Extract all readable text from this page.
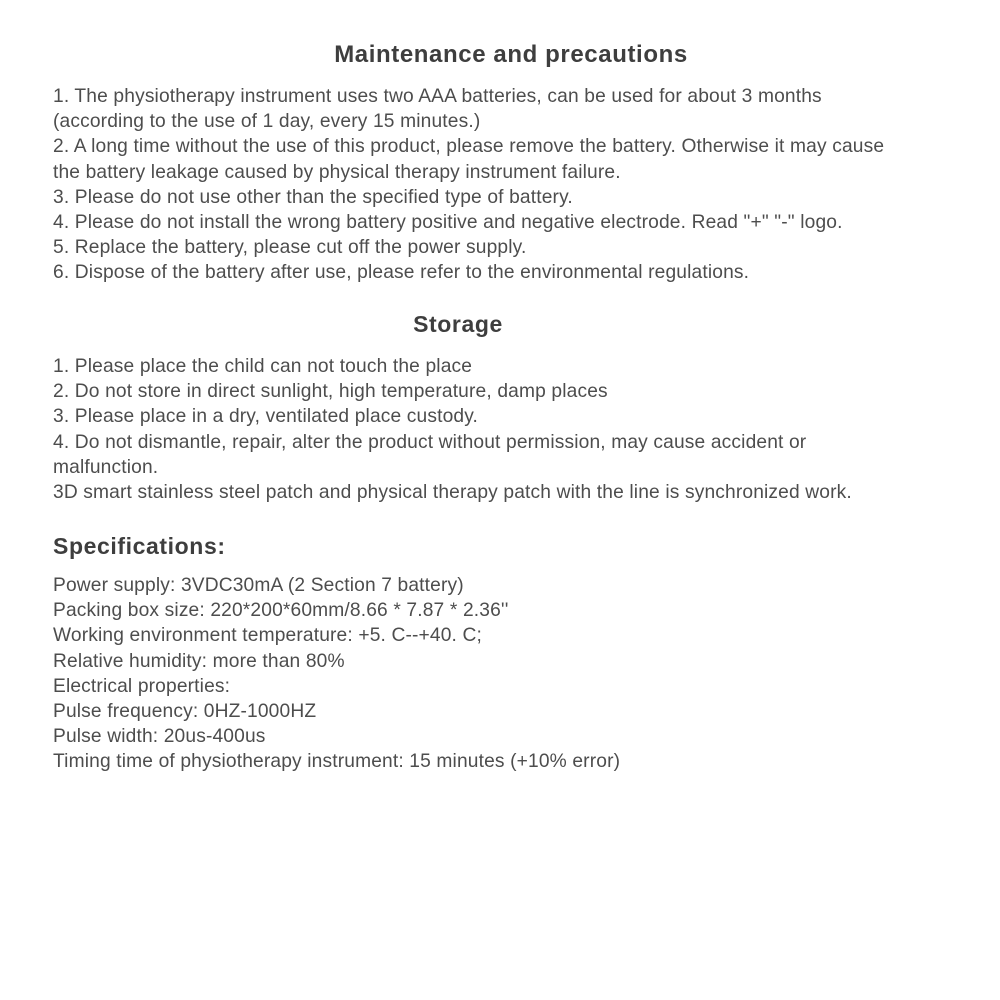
Maintenance and precautions
1. The physiotherapy instrument uses two AAA batteries, can be used for about 3 months
(according to the use of 1 day, every 15 minutes.)
2. A long time without the use of this product, please remove the battery. Otherwise it may cause
the battery leakage caused by physical therapy instrument failure.
3. Please do not use other than the specified type of battery.
4. Please do not install the wrong battery positive and negative electrode. Read "+" "-" logo.
5. Replace the battery, please cut off the power supply.
6. Dispose of the battery after use, please refer to the environmental regulations.
Storage
1. Please place the child can not touch the place
2. Do not store in direct sunlight, high temperature, damp places
3. Please place in a dry, ventilated place custody.
4. Do not dismantle, repair, alter the product without permission, may cause accident or
malfunction.
3D smart stainless steel patch and physical therapy patch with the line is synchronized work.
Specifications:
Power supply: 3VDC30mA (2 Section 7 battery)
Packing box size: 220*200*60mm/8.66 * 7.87 * 2.36''
Working environment temperature: +5. C--+40. C;
Relative humidity: more than 80%
Electrical properties:
Pulse frequency: 0HZ-1000HZ
Pulse width: 20us-400us
Timing time of physiotherapy instrument: 15 minutes (+10% error)
